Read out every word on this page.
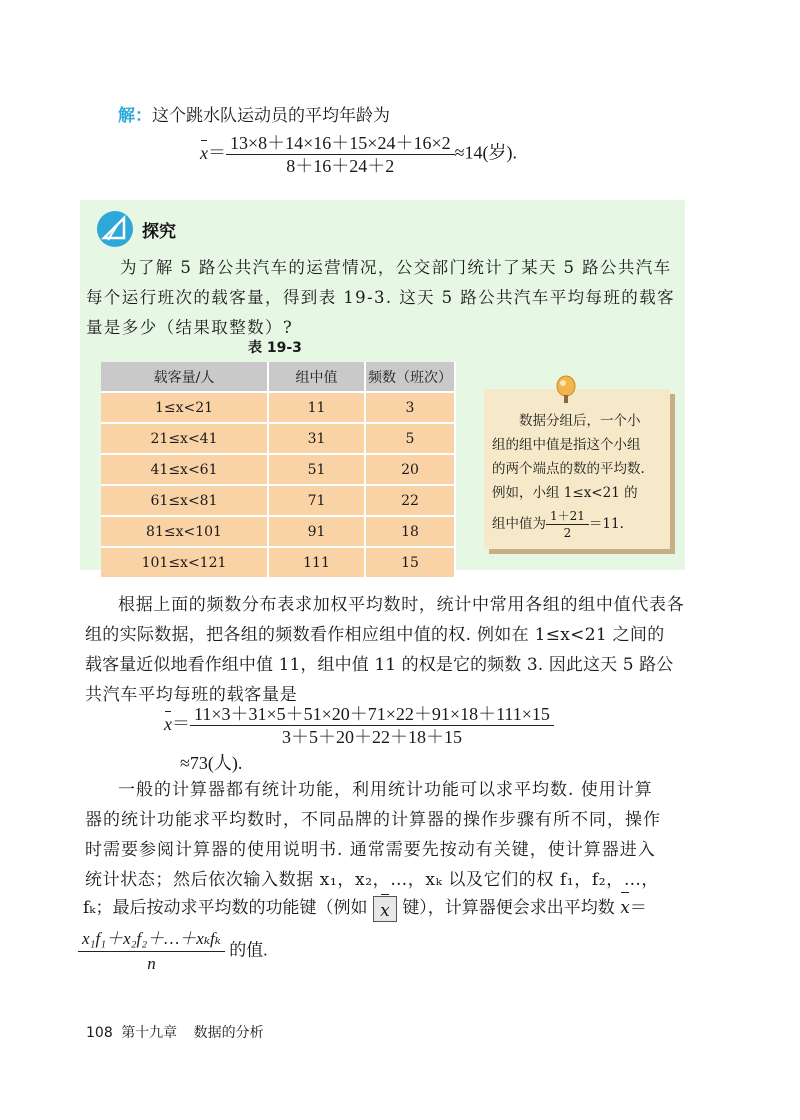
解：这个跳水队运动员的平均年龄为
$x= \frac{13\times 8+14\times 16+15\times 24+16\times 2}{8+16+24+2} \approx 14$(岁).
探究
为了解 5 路公共汽车的运营情况，公交部门统计了某天 5 路公共汽车
每个运行班次的载客量，得到表 19-3. 这天 5 路公共汽车平均每班的载客
量是多少（结果取整数）?
表 19-3
载客量/人	组中值	频数（班次）
1≤x<21	11	3
21≤x<41	31	5
41≤x<61	51	20
61≤x<81	71	22
81≤x<101	91	18
101≤x<121	111	15
数据分组后，一个小
组的组中值是指这个小组
的两个端点的数的平均数.
例如，小组 1≤x<21 的
组中值为 $\frac{1+21}{2} =11$.
根据上面的频数分布表求加权平均数时，统计中常用各组的组中值代表各
组的实际数据，把各组的频数看作相应组中值的权. 例如在 1≤x<21 之间的
载客量近似地看作组中值 11，组中值 11 的权是它的频数 3. 因此这天 5 路公
共汽车平均每班的载客量是
$x= \frac{11\times 3+31\times 5+51\times 20+71\times 22+91\times 18+111\times 15}{3+5+20+22+18+15}$
≈73(人).
一般的计算器都有统计功能，利用统计功能可以求平均数. 使用计算
器的统计功能求平均数时，不同品牌的计算器的操作步骤有所不同，操作
时需要参阅计算器的使用说明书. 通常需要先按动有关键，使计算器进入
统计状态；然后依次输入数据 x₁，x₂，…，xₖ 以及它们的权 f₁，f₂，…，
fₖ；最后按动求平均数的功能键（例如 x 键），计算器便会求出平均数 x＝
$\frac{\text{x₁f₁＋x₂f₂＋…＋xₖfₖ}}{n}$ 的值.
108 第十九章 数据的分析
